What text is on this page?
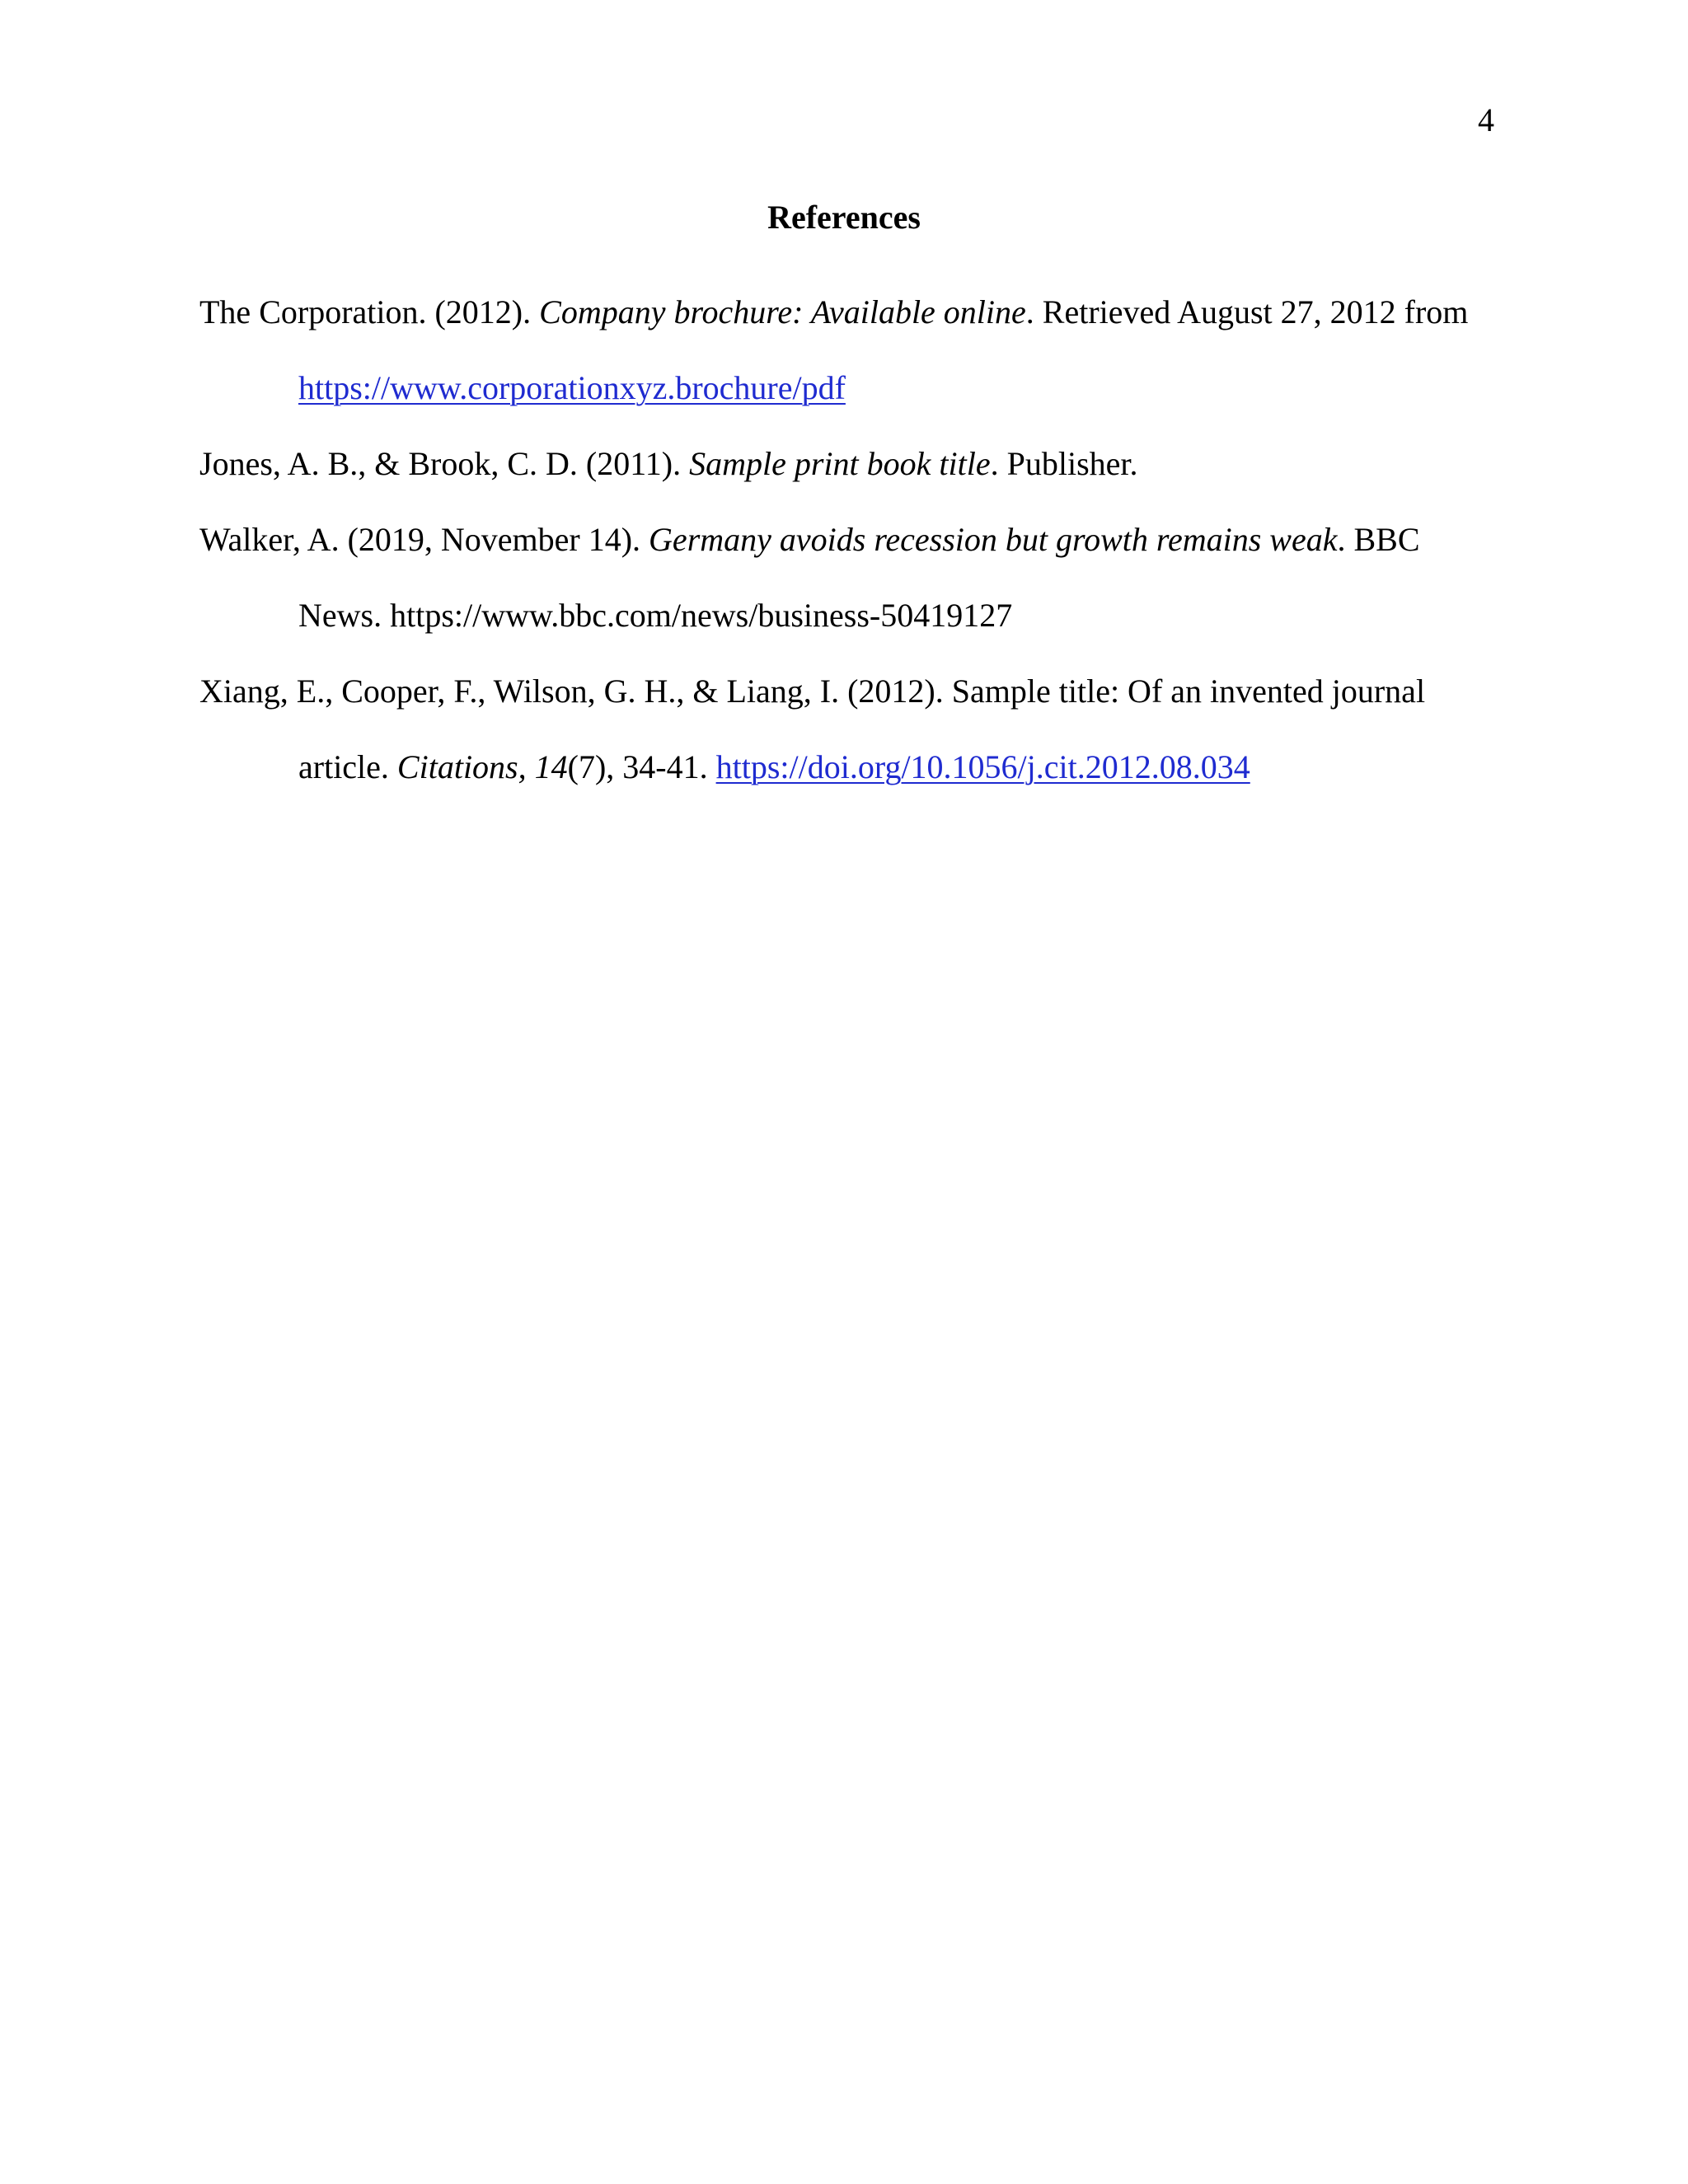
4
References

The Corporation. (2012). Company brochure: Available online. Retrieved August 27, 2012 from https://www.corporationxyz.brochure/pdf

Jones, A. B., & Brook, C. D. (2011). Sample print book title. Publisher.

Walker, A. (2019, November 14). Germany avoids recession but growth remains weak. BBC News. https://www.bbc.com/news/business-50419127

Xiang, E., Cooper, F., Wilson, G. H., & Liang, I. (2012). Sample title: Of an invented journal article. Citations, 14(7), 34-41. https://doi.org/10.1056/j.cit.2012.08.034
